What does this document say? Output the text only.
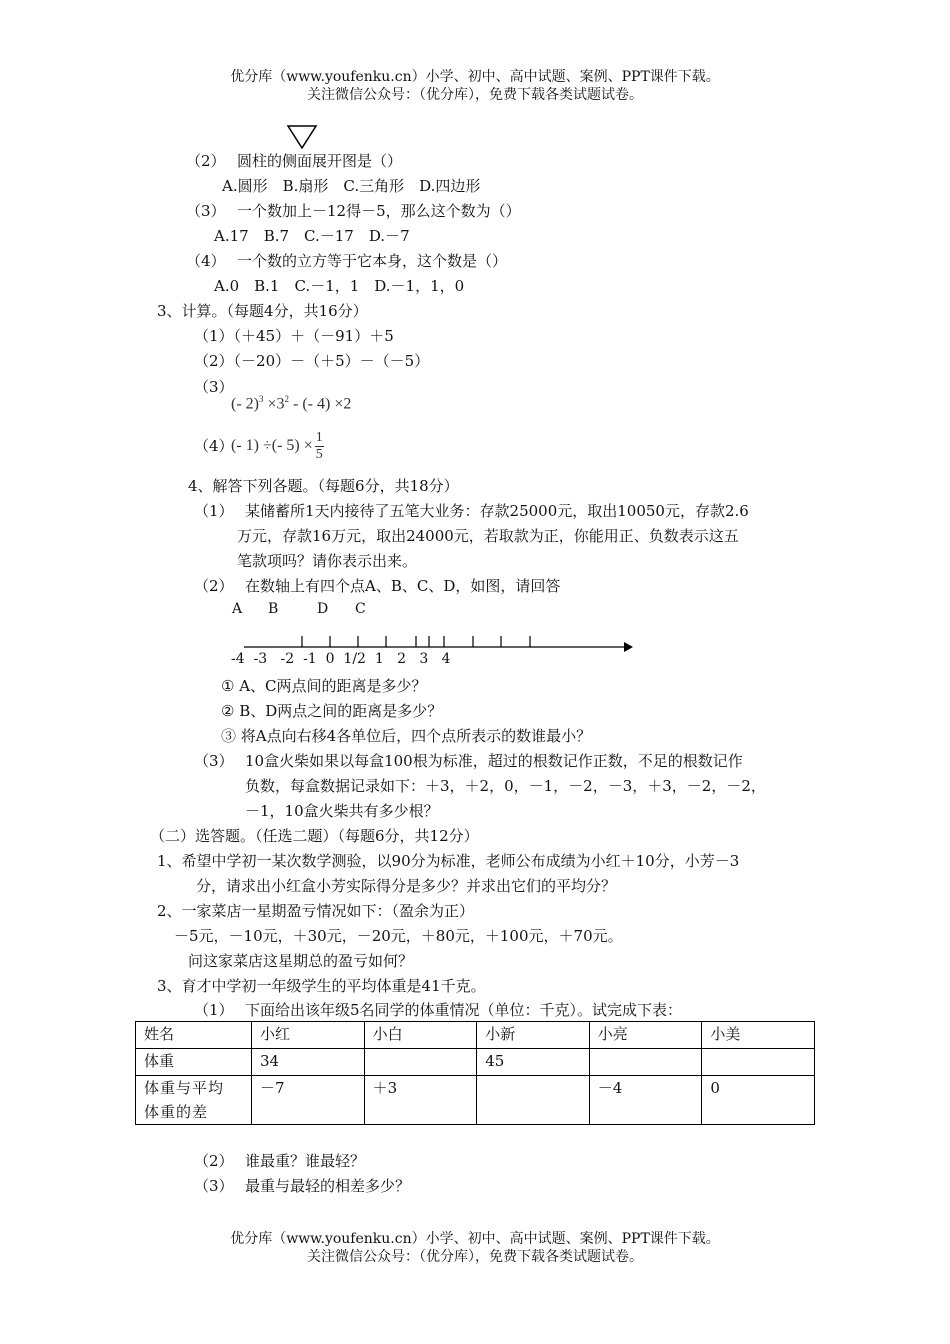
优分库（www.youfenku.cn）小学、初中、高中试题、案例、PPT课件下载。
关注微信公众号：（优分库），免费下载各类试题试卷。
（2） 圆柱的侧面展开图是（）
A.圆形　B.扇形　C.三角形　D.四边形
（3） 一个数加上－12得－5，那么这个数为（）
A.17　B.7　C.－17　D.－7
（4） 一个数的立方等于它本身，这个数是（）
A.0　B.1　C.－1，1　D.－1，1，0
3、计算。（每题4分，共16分）
（1）（＋45）＋（－91）＋5
（2）（－20）－（＋5）－（－5）
（3）
(- $2)^3 \times 3^2$ - (- 4) ×2
（4）
(- 1) ÷(- $5) \times \frac{1}{5}$
4、解答下列各题。（每题6分，共18分）
（1） 某储蓄所1天内接待了五笔大业务：存款25000元，取出10050元，存款2.6
万元，存款16万元，取出24000元，若取款为正，你能用正、负数表示这五
笔款项吗？请你表示出来。
（2） 在数轴上有四个点A、B、C、D，如图，请回答
A B	D C
-4  -3   -2  -1  0  1/2  1   2   3   4
① A、C两点间的距离是多少？
② B、D两点之间的距离是多少？
③ 将A点向右移4各单位后，四个点所表示的数谁最小？
（3） 10盒火柴如果以每盒100根为标准，超过的根数记作正数，不足的根数记作
负数，每盒数据记录如下：＋3，＋2，0，－1，－2，－3，＋3，－2，－2，
－1，10盒火柴共有多少根？
（二）选答题。（任选二题）（每题6分，共12分）
1、希望中学初一某次数学测验，以90分为标准，老师公布成绩为小红＋10分，小芳－3
分，请求出小红盒小芳实际得分是多少？并求出它们的平均分？
2、一家菜店一星期盈亏情况如下：（盈余为正）
－5元，－10元，＋30元，－20元，＋80元，＋100元，＋70元。
问这家菜店这星期总的盈亏如何？
3、育才中学初一年级学生的平均体重是41千克。
（1） 下面给出该年级5名同学的体重情况（单位：千克）。试完成下表：
姓名	小红	小白	小新	小亮	小美
体重	34		45		
体重与平均
体重的差	－7	＋3		－4	0
（2） 谁最重？谁最轻？
（3） 最重与最轻的相差多少？
优分库（www.youfenku.cn）小学、初中、高中试题、案例、PPT课件下载。
关注微信公众号：（优分库），免费下载各类试题试卷。
